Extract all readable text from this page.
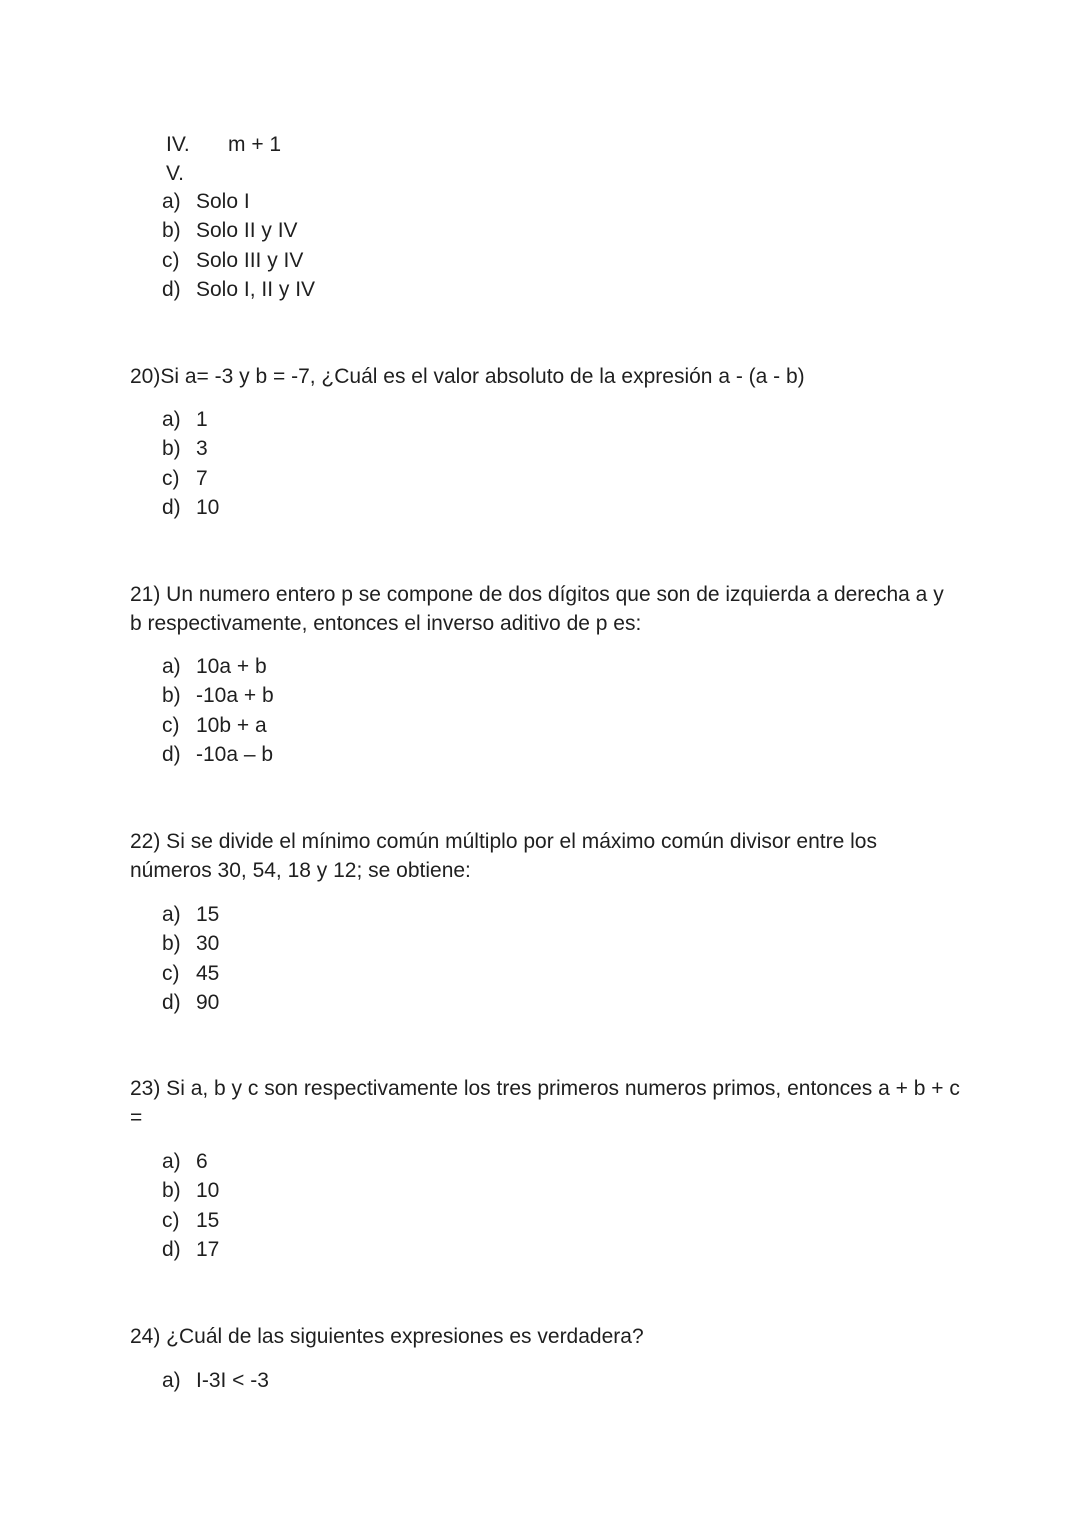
IV.	m + 1
V.
a) Solo I
b) Solo II y IV
c) Solo III y IV
d) Solo I, II y IV
20)Si a= -3 y b = -7, ¿Cuál es el valor absoluto de la expresión a - (a - b)
a) 1
b) 3
c) 7
d) 10
21) Un numero entero p se compone de dos dígitos que son de izquierda a derecha a y b respectivamente, entonces el inverso aditivo de p es:
a) 10a + b
b) -10a + b
c) 10b + a
d) -10a – b
22) Si se divide el mínimo común múltiplo por el máximo común divisor entre los números 30, 54, 18 y 12; se obtiene:
a) 15
b) 30
c) 45
d) 90
23) Si a, b y c son respectivamente los tres primeros numeros primos, entonces a + b + c =
a) 6
b) 10
c) 15
d) 17
24) ¿Cuál de las siguientes expresiones es verdadera?
a) I-3I < -3
